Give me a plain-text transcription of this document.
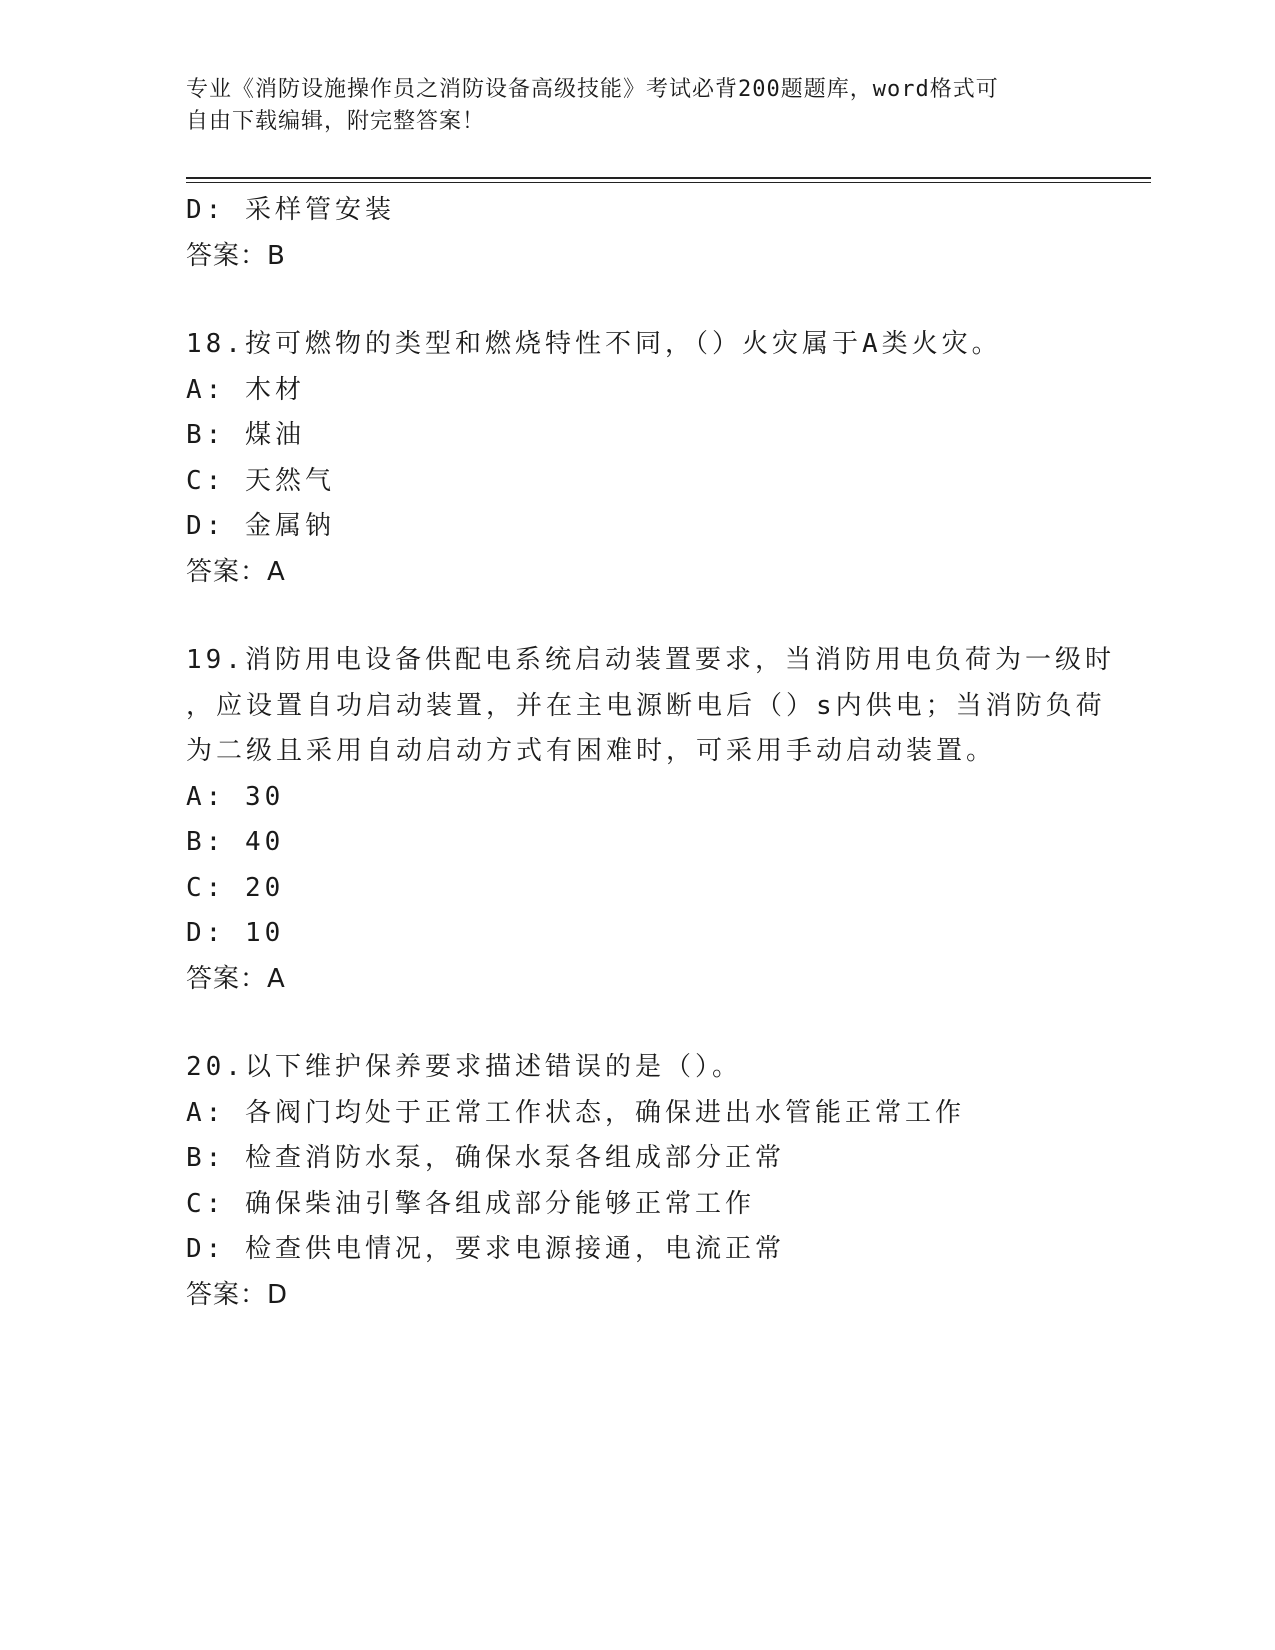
专业《消防设施操作员之消防设备高级技能》考试必背200题题库，word格式可
自由下载编辑，附完整答案！
D: 采样管安装
答案：B
18.按可燃物的类型和燃烧特性不同，（）火灾属于A类火灾。
A: 木材
B: 煤油
C: 天然气
D: 金属钠
答案：A
19.消防用电设备供配电系统启动装置要求，当消防用电负荷为一级时
，应设置自功启动装置，并在主电源断电后（）s内供电；当消防负荷
为二级且采用自动启动方式有困难时，可采用手动启动装置。
A: 30
B: 40
C: 20
D: 10
答案：A
20.以下维护保养要求描述错误的是（）。
A: 各阀门均处于正常工作状态，确保进出水管能正常工作
B: 检查消防水泵，确保水泵各组成部分正常
C: 确保柴油引擎各组成部分能够正常工作
D: 检查供电情况，要求电源接通，电流正常
答案：D
